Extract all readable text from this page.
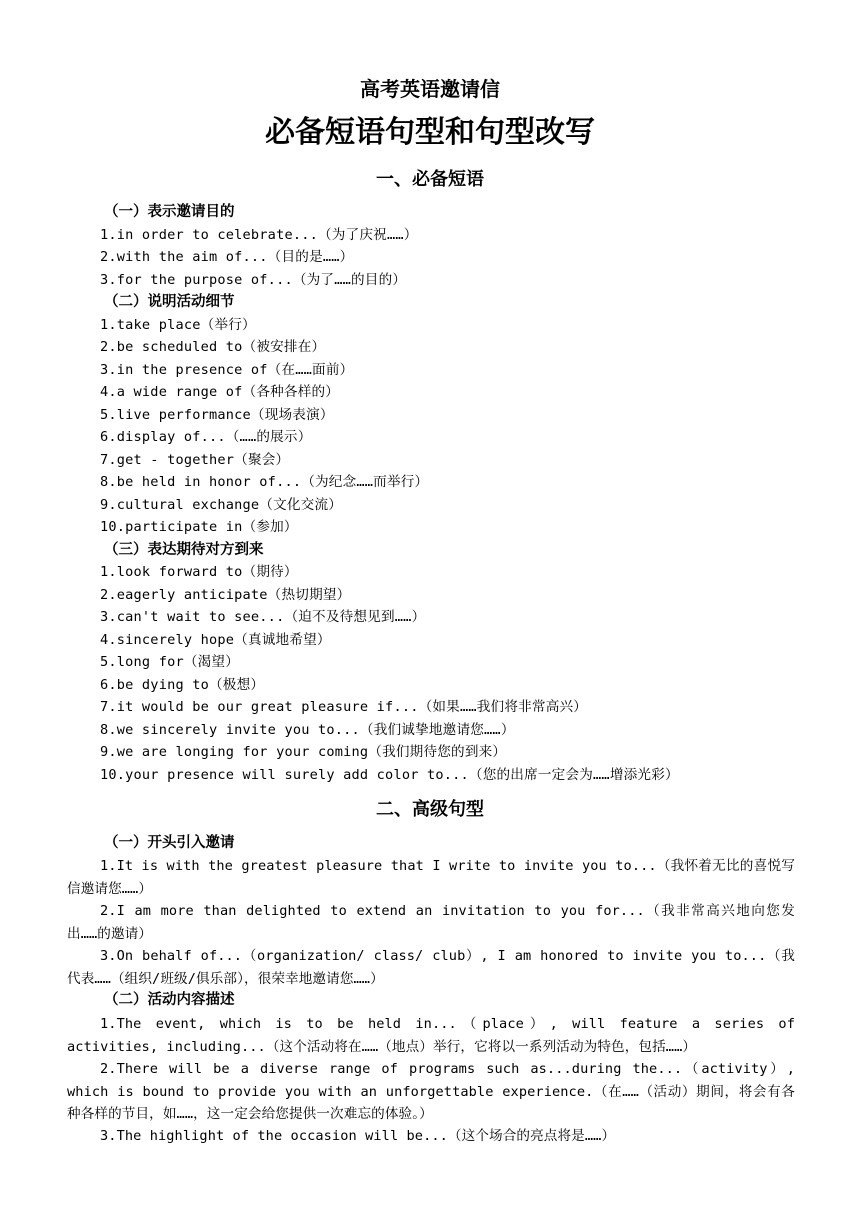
高考英语邀请信
必备短语句型和句型改写
一、必备短语
（一）表示邀请目的
1.in order to celebrate...（为了庆祝……）
2.with the aim of...（目的是……）
3.for the purpose of...（为了……的目的）
（二）说明活动细节
1.take place（举行）
2.be scheduled to（被安排在）
3.in the presence of（在……面前）
4.a wide range of（各种各样的）
5.live performance（现场表演）
6.display of...（……的展示）
7.get - together（聚会）
8.be held in honor of...（为纪念……而举行）
9.cultural exchange（文化交流）
10.participate in（参加）
（三）表达期待对方到来
1.look forward to（期待）
2.eagerly anticipate（热切期望）
3.can't wait to see...（迫不及待想见到……）
4.sincerely hope（真诚地希望）
5.long for（渴望）
6.be dying to（极想）
7.it would be our great pleasure if...（如果……我们将非常高兴）
8.we sincerely invite you to...（我们诚挚地邀请您……）
9.we are longing for your coming（我们期待您的到来）
10.your presence will surely add color to...（您的出席一定会为……增添光彩）
二、高级句型
（一）开头引入邀请
1.It is with the greatest pleasure that I write to invite you to...（我怀着无比的喜悦写信邀请您……）
2.I am more than delighted to extend an invitation to you for...（我非常高兴地向您发出……的邀请）
3.On behalf of...（organization/ class/ club）, I am honored to invite you to...（我代表……（组织/班级/俱乐部），很荣幸地邀请您……）
（二）活动内容描述
1.The event, which is to be held in...（place）, will feature a series of activities, including...（这个活动将在……（地点）举行，它将以一系列活动为特色，包括……）
2.There will be a diverse range of programs such as...during the...（activity）, which is bound to provide you with an unforgettable experience.（在……（活动）期间，将会有各种各样的节目，如……，这一定会给您提供一次难忘的体验。）
3.The highlight of the occasion will be...（这个场合的亮点将是……）
